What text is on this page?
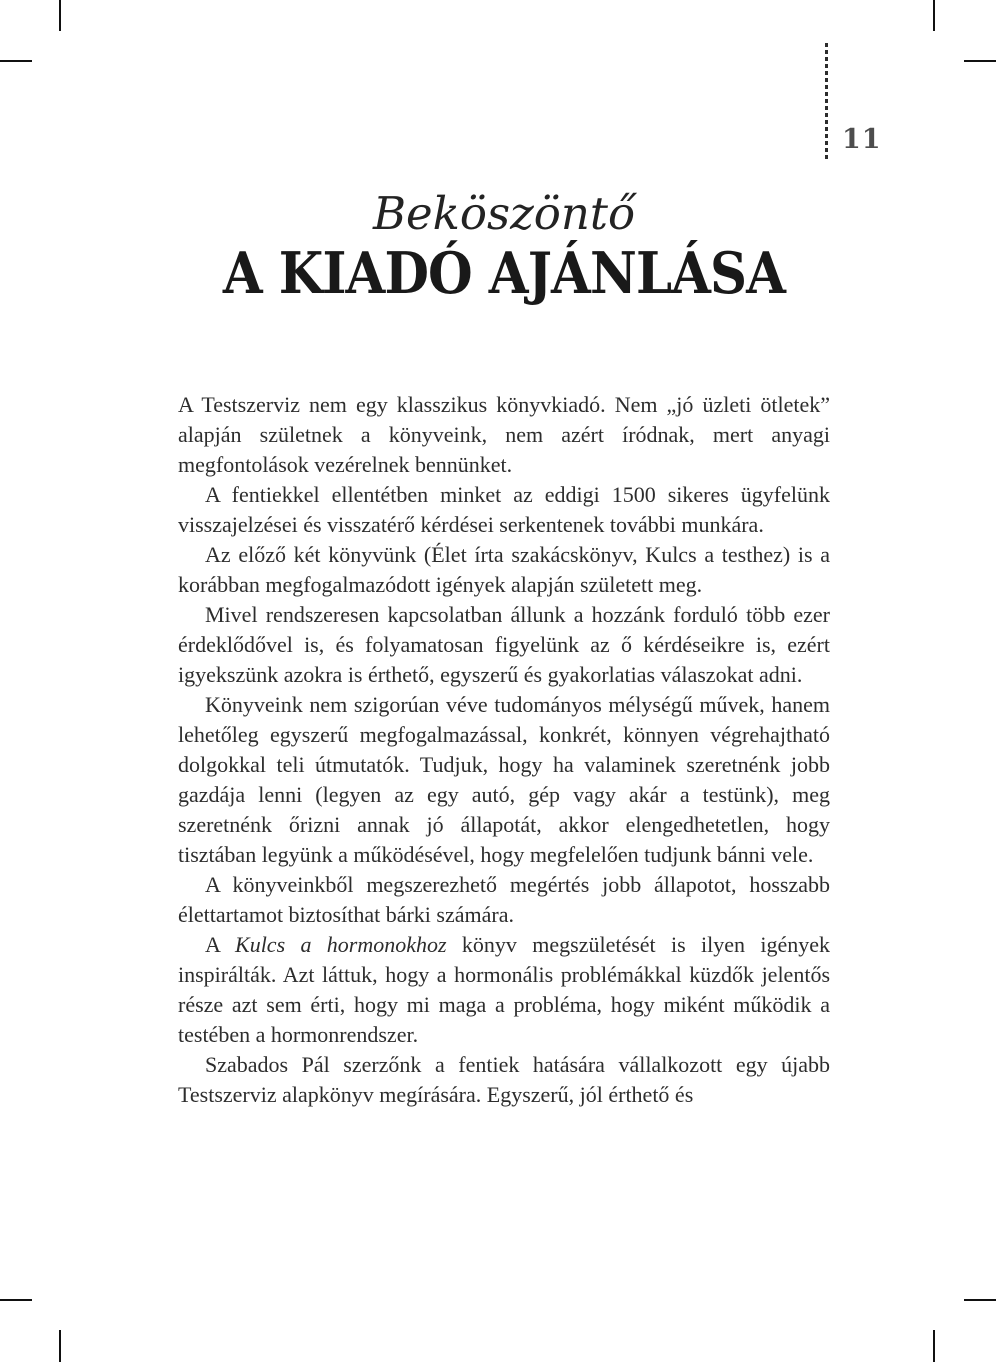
11
Beköszöntő
A KIADÓ AJÁNLÁSA

A Testszerviz nem egy klasszikus könyvkiadó. Nem „jó üzleti ötletek” alapján születnek a könyveink, nem azért íródnak, mert anyagi megfontolások vezérelnek bennünket.

A fentiekkel ellentétben minket az eddigi 1500 sikeres ügyfelünk visszajelzései és visszatérő kérdései serkentenek további munkára.

Az előző két könyvünk (Élet írta szakácskönyv, Kulcs a testhez) is a korábban megfogalmazódott igények alapján született meg.

Mivel rendszeresen kapcsolatban állunk a hozzánk forduló több ezer érdeklődővel is, és folyamatosan figyelünk az ő kérdéseikre is, ezért igyekszünk azokra is érthető, egyszerű és gyakorlatias válaszokat adni.

Könyveink nem szigorúan véve tudományos mélységű művek, hanem lehetőleg egyszerű megfogalmazással, konkrét, könnyen végrehajtható dolgokkal teli útmutatók. Tudjuk, hogy ha valaminek szeretnénk jobb gazdája lenni (legyen az egy autó, gép vagy akár a testünk), meg szeretnénk őrizni annak jó állapotát, akkor elengedhetetlen, hogy tisztában legyünk a működésével, hogy megfelelően tudjunk bánni vele.

A könyveinkből megszerezhető megértés jobb állapotot, hosszabb élettartamot biztosíthat bárki számára.

A Kulcs a hormonokhoz könyv megszületését is ilyen igények inspirálták. Azt láttuk, hogy a hormonális problémákkal küzdők jelentős része azt sem érti, hogy mi maga a probléma, hogy miként működik a testében a hormonrendszer.

Szabados Pál szerzőnk a fentiek hatására vállalkozott egy újabb Testszerviz alapkönyv megírására. Egyszerű, jól érthető és
